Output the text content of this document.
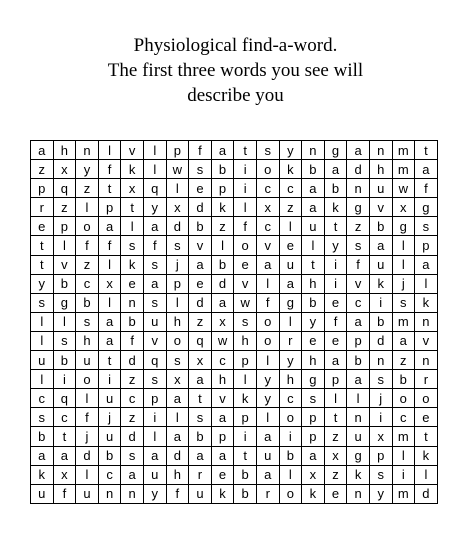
Physiological find-a-word.
The first three words you see will
describe you
a	h	n	l	v	l	p	f	a	t	s	y	n	g	a	n	m	t
z	x	y	f	k	l	w	s	b	i	o	k	b	a	d	h	m	a
p	q	z	t	x	q	l	e	p	i	c	c	a	b	n	u	w	f
r	z	l	p	t	y	x	d	k	l	x	z	a	k	g	v	x	g
e	p	o	a	l	a	d	b	z	f	c	l	u	t	z	b	g	s
t	l	f	f	s	f	s	v	l	o	v	e	l	y	s	a	l	p
t	v	z	l	k	s	j	a	b	e	a	u	t	i	f	u	l	a
y	b	c	x	e	a	p	e	d	v	l	a	h	i	v	k	j	l
s	g	b	l	n	s	l	d	a	w	f	g	b	e	c	i	s	k
l	l	s	a	b	u	h	z	x	s	o	l	y	f	a	b	m	n
l	s	h	a	f	v	o	q	w	h	o	r	e	e	p	d	a	v
u	b	u	t	d	q	s	x	c	p	l	y	h	a	b	n	z	n
l	i	o	i	z	s	x	a	h	l	y	h	g	p	a	s	b	r
c	q	l	u	c	p	a	t	v	k	y	c	s	l	l	j	o	o
s	c	f	j	z	i	l	s	a	p	l	o	p	t	n	i	c	e
b	t	j	u	d	l	a	b	p	i	a	i	p	z	u	x	m	t
a	a	d	b	s	a	d	a	a	t	u	b	a	x	g	p	l	k
k	x	l	c	a	u	h	r	e	b	a	l	x	z	k	s	i	l
u	f	u	n	n	y	f	u	k	b	r	o	k	e	n	y	m	d
